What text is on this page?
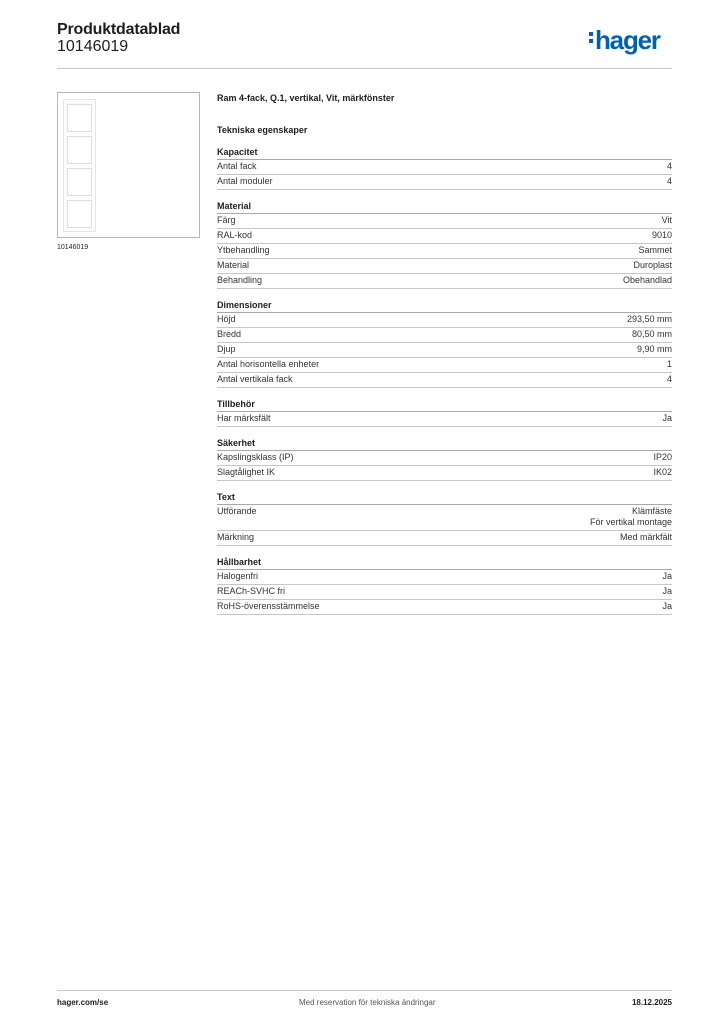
Produktdatablad
10146019	hager
10146019
Ram 4-fack, Q.1, vertikal, Vit, märkfönster
Tekniska egenskaper
Kapacitet
Antal fack	4
Antal moduler	4
Material
Färg	Vit
RAL-kod	9010
Ytbehandling	Sammet
Material	Duroplast
Behandling	Obehandlad
Dimensioner
Höjd	293,50 mm
Bredd	80,50 mm
Djup	9,90 mm
Antal horisontella enheter	1
Antal vertikala fack	4
Tillbehör
Har märksfält	Ja
Säkerhet
Kapslingsklass (IP)	IP20
Slagtålighet IK	IK02
Text
Utförande	Klämfäste
För vertikal montage
Märkning	Med märkfält
Hållbarhet
Halogenfri	Ja
REACh-SVHC fri	Ja
RoHS-överensstämmelse	Ja
hager.com/se	Med reservation för tekniska ändringar	18.12.2025
